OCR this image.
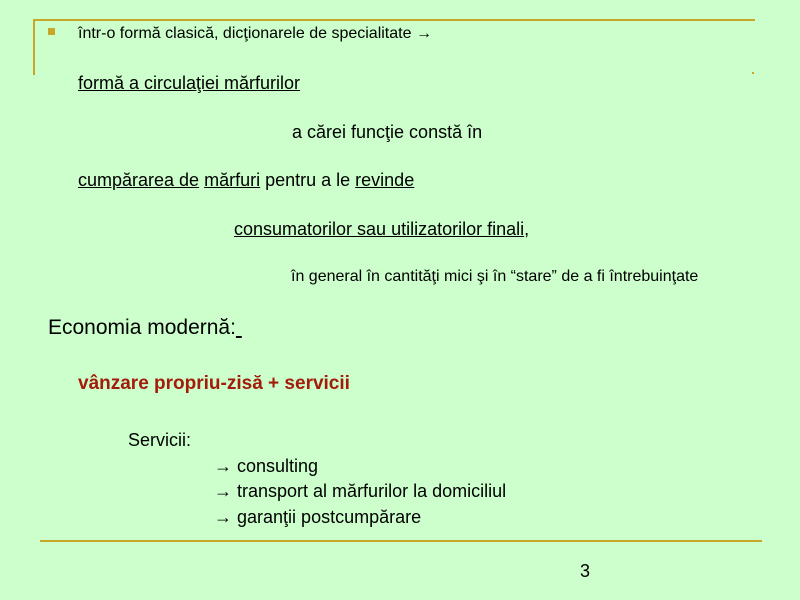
într-o formă clasică, dicţionarele de specialitate →
formă a circulaţiei mărfurilor
a cărei funcţie constă în
cumpărarea de mărfuri pentru a le revinde
consumatorilor sau utilizatorilor finali,
în general în cantităţi mici şi în “stare” de a fi întrebuinţate
Economia modernă:
vânzare propriu-zisă + servicii
Servicii:
→ consulting
→ transport al mărfurilor la domiciliul
→ garanţii postcumpărare
3
